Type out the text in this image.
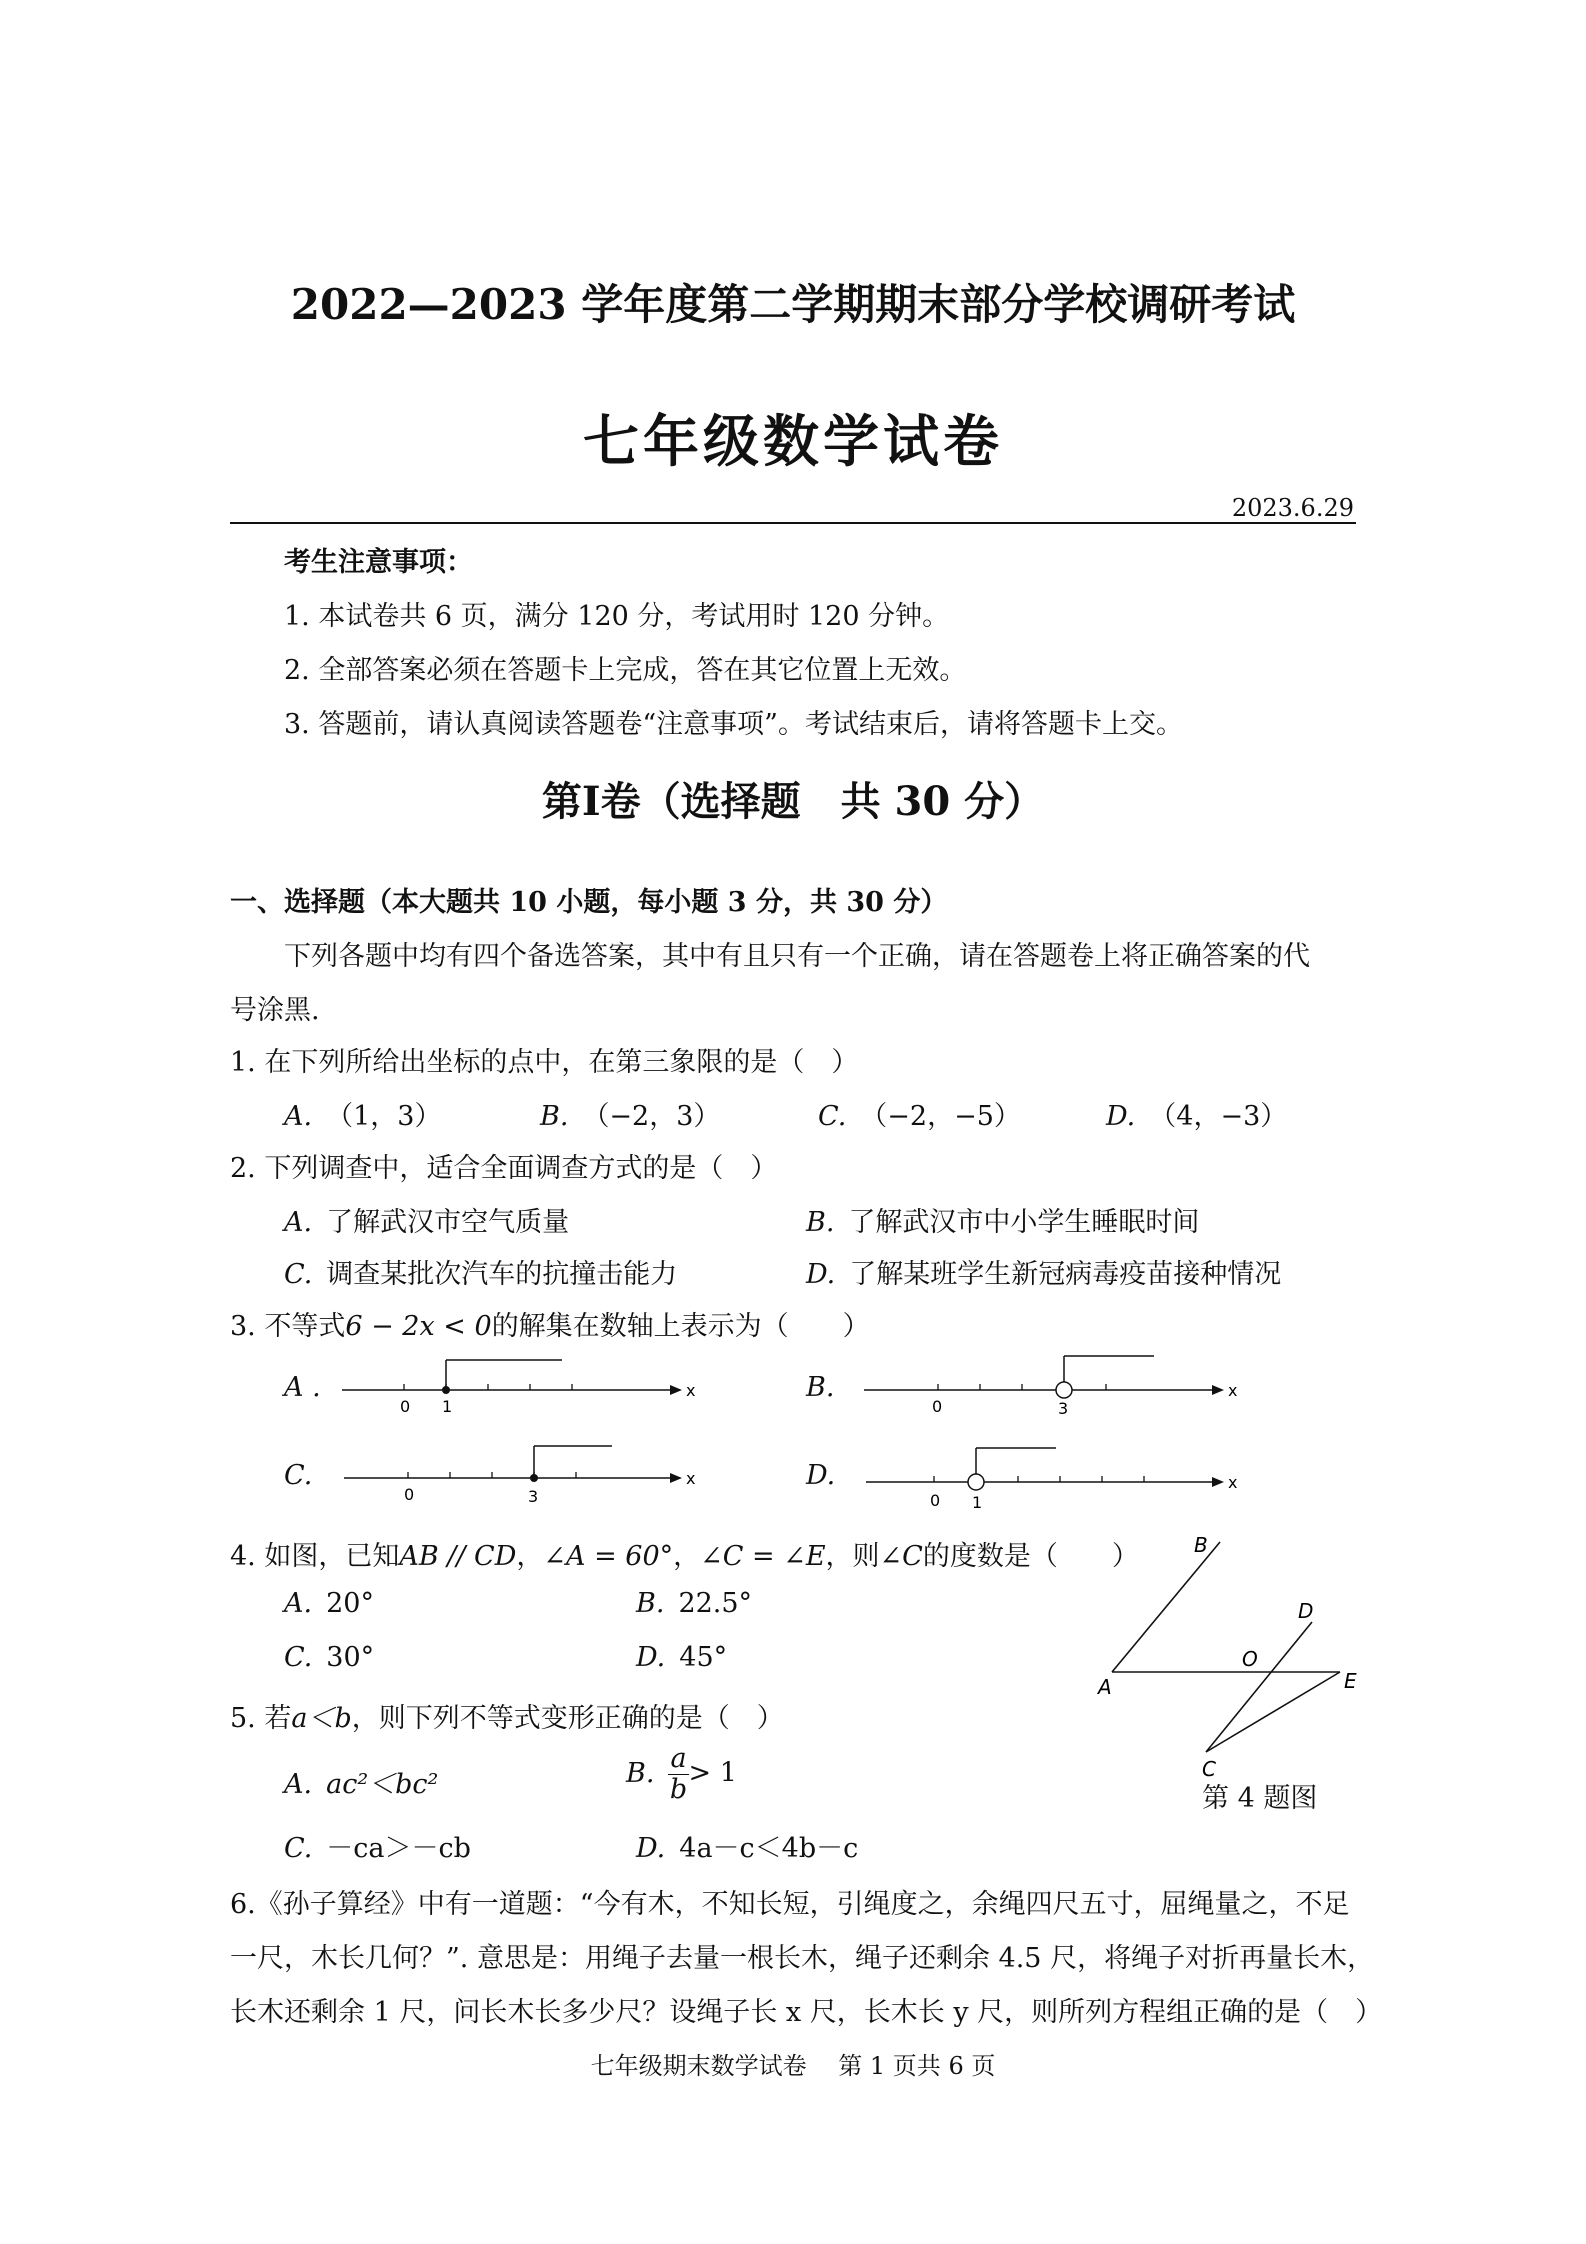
2022—2023 学年度第二学期期末部分学校调研考试
七年级数学试卷
2023.6.29
考生注意事项：
1. 本试卷共 6 页，满分 120 分，考试用时 120 分钟。
2. 全部答案必须在答题卡上完成，答在其它位置上无效。
3. 答题前，请认真阅读答题卷“注意事项”。考试结束后，请将答题卡上交。
第Ⅰ卷（选择题　共 30 分）
一、选择题（本大题共 10 小题，每小题 3 分，共 30 分）
下列各题中均有四个备选答案，其中有且只有一个正确，请在答题卷上将正确答案的代
号涂黑.
1. 在下列所给出坐标的点中，在第三象限的是（　）
A. （1，3）	B. （−2，3）	C. （−2，−5）	D. （4，−3）
2. 下列调查中，适合全面调查方式的是（　）
A. 了解武汉市空气质量	B. 了解武汉市中小学生睡眠时间
C. 调查某批次汽车的抗撞击能力	D. 了解某班学生新冠病毒疫苗接种情况
3. 不等式6 − 2x < 0的解集在数轴上表示为（　　）
A .
0 1
x	B.
0	3
x
C.
0	3
x	D.
0 1
x
4. 如图，已知AB // CD，∠A = 60°，∠C = ∠E，则∠C的度数是（　　）
A. 20°	B. 22.5°
C. 30°	D. 45°
B
D
O
A	E
C
第 4 题图
5. 若a＜b，则下列不等式变形正确的是（　）
A. ac²＜bc²	B. $\frac{a}{b} > 1$
C. －ca＞－cb	D. 4a－c＜4b－c
6.《孙子算经》中有一道题：“今有木，不知长短，引绳度之，余绳四尺五寸，屈绳量之，不足
一尺，木长几何？”. 意思是：用绳子去量一根长木，绳子还剩余 4.5 尺，将绳子对折再量长木，
长木还剩余 1 尺，问长木长多少尺？设绳子长 x 尺，长木长 y 尺，则所列方程组正确的是（　）
七年级期末数学试卷　 第 1 页共 6 页
